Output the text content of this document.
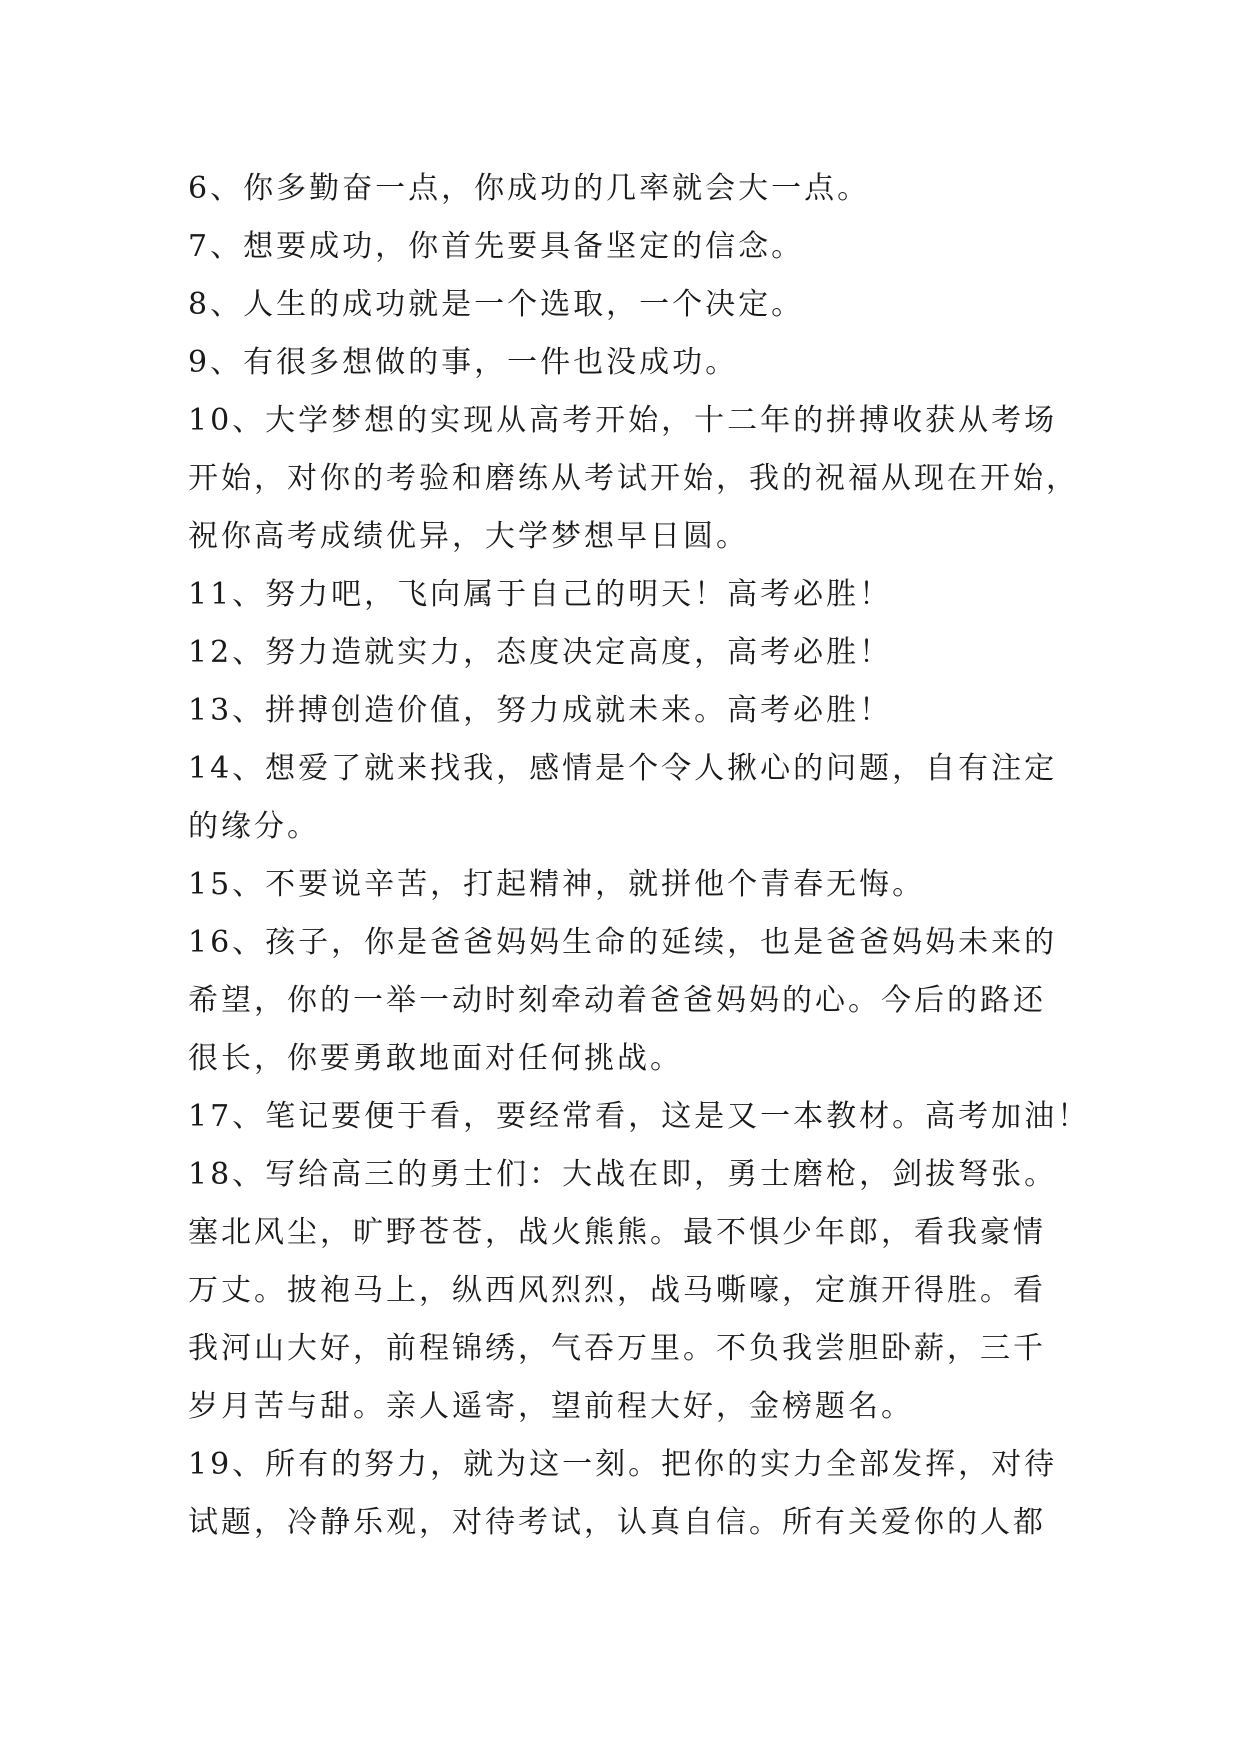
6、你多勤奋一点，你成功的几率就会大一点。
7、想要成功，你首先要具备坚定的信念。
8、人生的成功就是一个选取，一个决定。
9、有很多想做的事，一件也没成功。
10、大学梦想的实现从高考开始，十二年的拼搏收获从考场
开始，对你的考验和磨练从考试开始，我的祝福从现在开始，
祝你高考成绩优异，大学梦想早日圆。
11、努力吧，飞向属于自己的明天！高考必胜！
12、努力造就实力，态度决定高度，高考必胜！
13、拼搏创造价值，努力成就未来。高考必胜！
14、想爱了就来找我，感情是个令人揪心的问题，自有注定
的缘分。
15、不要说辛苦，打起精神，就拼他个青春无悔。
16、孩子，你是爸爸妈妈生命的延续，也是爸爸妈妈未来的
希望，你的一举一动时刻牵动着爸爸妈妈的心。今后的路还
很长，你要勇敢地面对任何挑战。
17、笔记要便于看，要经常看，这是又一本教材。高考加油！
18、写给高三的勇士们：大战在即，勇士磨枪，剑拔弩张。
塞北风尘，旷野苍苍，战火熊熊。最不惧少年郎，看我豪情
万丈。披袍马上，纵西风烈烈，战马嘶嚎，定旗开得胜。看
我河山大好，前程锦绣，气吞万里。不负我尝胆卧薪，三千
岁月苦与甜。亲人遥寄，望前程大好，金榜题名。
19、所有的努力，就为这一刻。把你的实力全部发挥，对待
试题，冷静乐观，对待考试，认真自信。所有关爱你的人都
